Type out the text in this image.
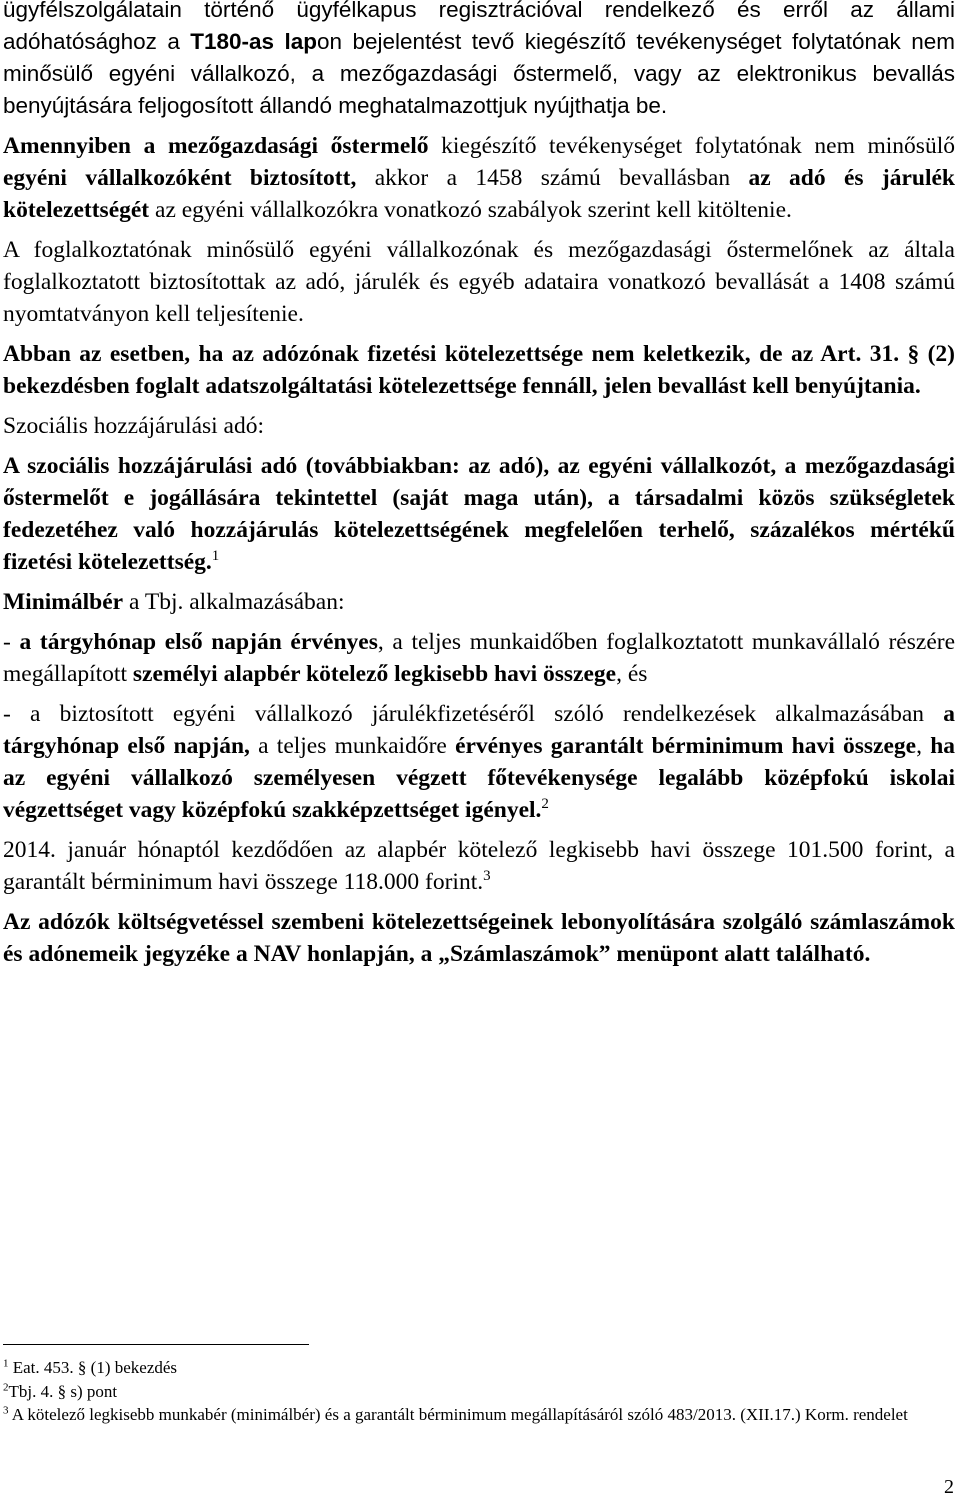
ügyfélszolgálatain történő ügyfélkapus regisztrációval rendelkező és erről az állami adóhatósághoz a T180-as lapon bejelentést tevő kiegészítő tevékenységet folytatónak nem minősülő egyéni vállalkozó, a mezőgazdasági őstermelő, vagy az elektronikus bevallás benyújtására feljogosított állandó meghatalmazottjuk nyújthatja be.

Amennyiben a mezőgazdasági őstermelő kiegészítő tevékenységet folytatónak nem minősülő egyéni vállalkozóként biztosított, akkor a 1458 számú bevallásban az adó és járulék kötelezettségét az egyéni vállalkozókra vonatkozó szabályok szerint kell kitöltenie.

A foglalkoztatónak minősülő egyéni vállalkozónak és mezőgazdasági őstermelőnek az általa foglalkoztatott biztosítottak az adó, járulék és egyéb adataira vonatkozó bevallását a 1408 számú nyomtatványon kell teljesítenie.

Abban az esetben, ha az adózónak fizetési kötelezettsége nem keletkezik, de az Art. 31. § (2) bekezdésben foglalt adatszolgáltatási kötelezettsége fennáll, jelen bevallást kell benyújtania.

Szociális hozzájárulási adó:

A szociális hozzájárulási adó (továbbiakban: az adó), az egyéni vállalkozót, a mezőgazdasági őstermelőt e jogállására tekintettel (saját maga után), a társadalmi közös szükségletek fedezetéhez való hozzájárulás kötelezettségének megfelelően terhelő, százalékos mértékű fizetési kötelezettség.$^1$

Minimálbér a Tbj. alkalmazásában:

- a tárgyhónap első napján érvényes, a teljes munkaidőben foglalkoztatott munkavállaló részére megállapított személyi alapbér kötelező legkisebb havi összege, és

- a biztosított egyéni vállalkozó járulékfizetéséről szóló rendelkezések alkalmazásában a tárgyhónap első napján, a teljes munkaidőre érvényes garantált bérminimum havi összege, ha az egyéni vállalkozó személyesen végzett főtevékenysége legalább középfokú iskolai végzettséget vagy középfokú szakképzettséget igényel.$^2$

2014. január hónaptól kezdődően az alapbér kötelező legkisebb havi összege 101.500 forint, a garantált bérminimum havi összege 118.000 forint.$^3$

Az adózók költségvetéssel szembeni kötelezettségeinek lebonyolítására szolgáló számlaszámok és adónemeik jegyzéke a NAV honlapján, a „Számlaszámok” menüpont alatt található.

$^1$ Eat. 453. § (1) bekezdés
$^2$Tbj. 4. § s) pont
$^3$ A kötelező legkisebb munkabér (minimálbér) és a garantált bérminimum megállapításáról szóló 483/2013. (XII.17.) Korm. rendelet
2
